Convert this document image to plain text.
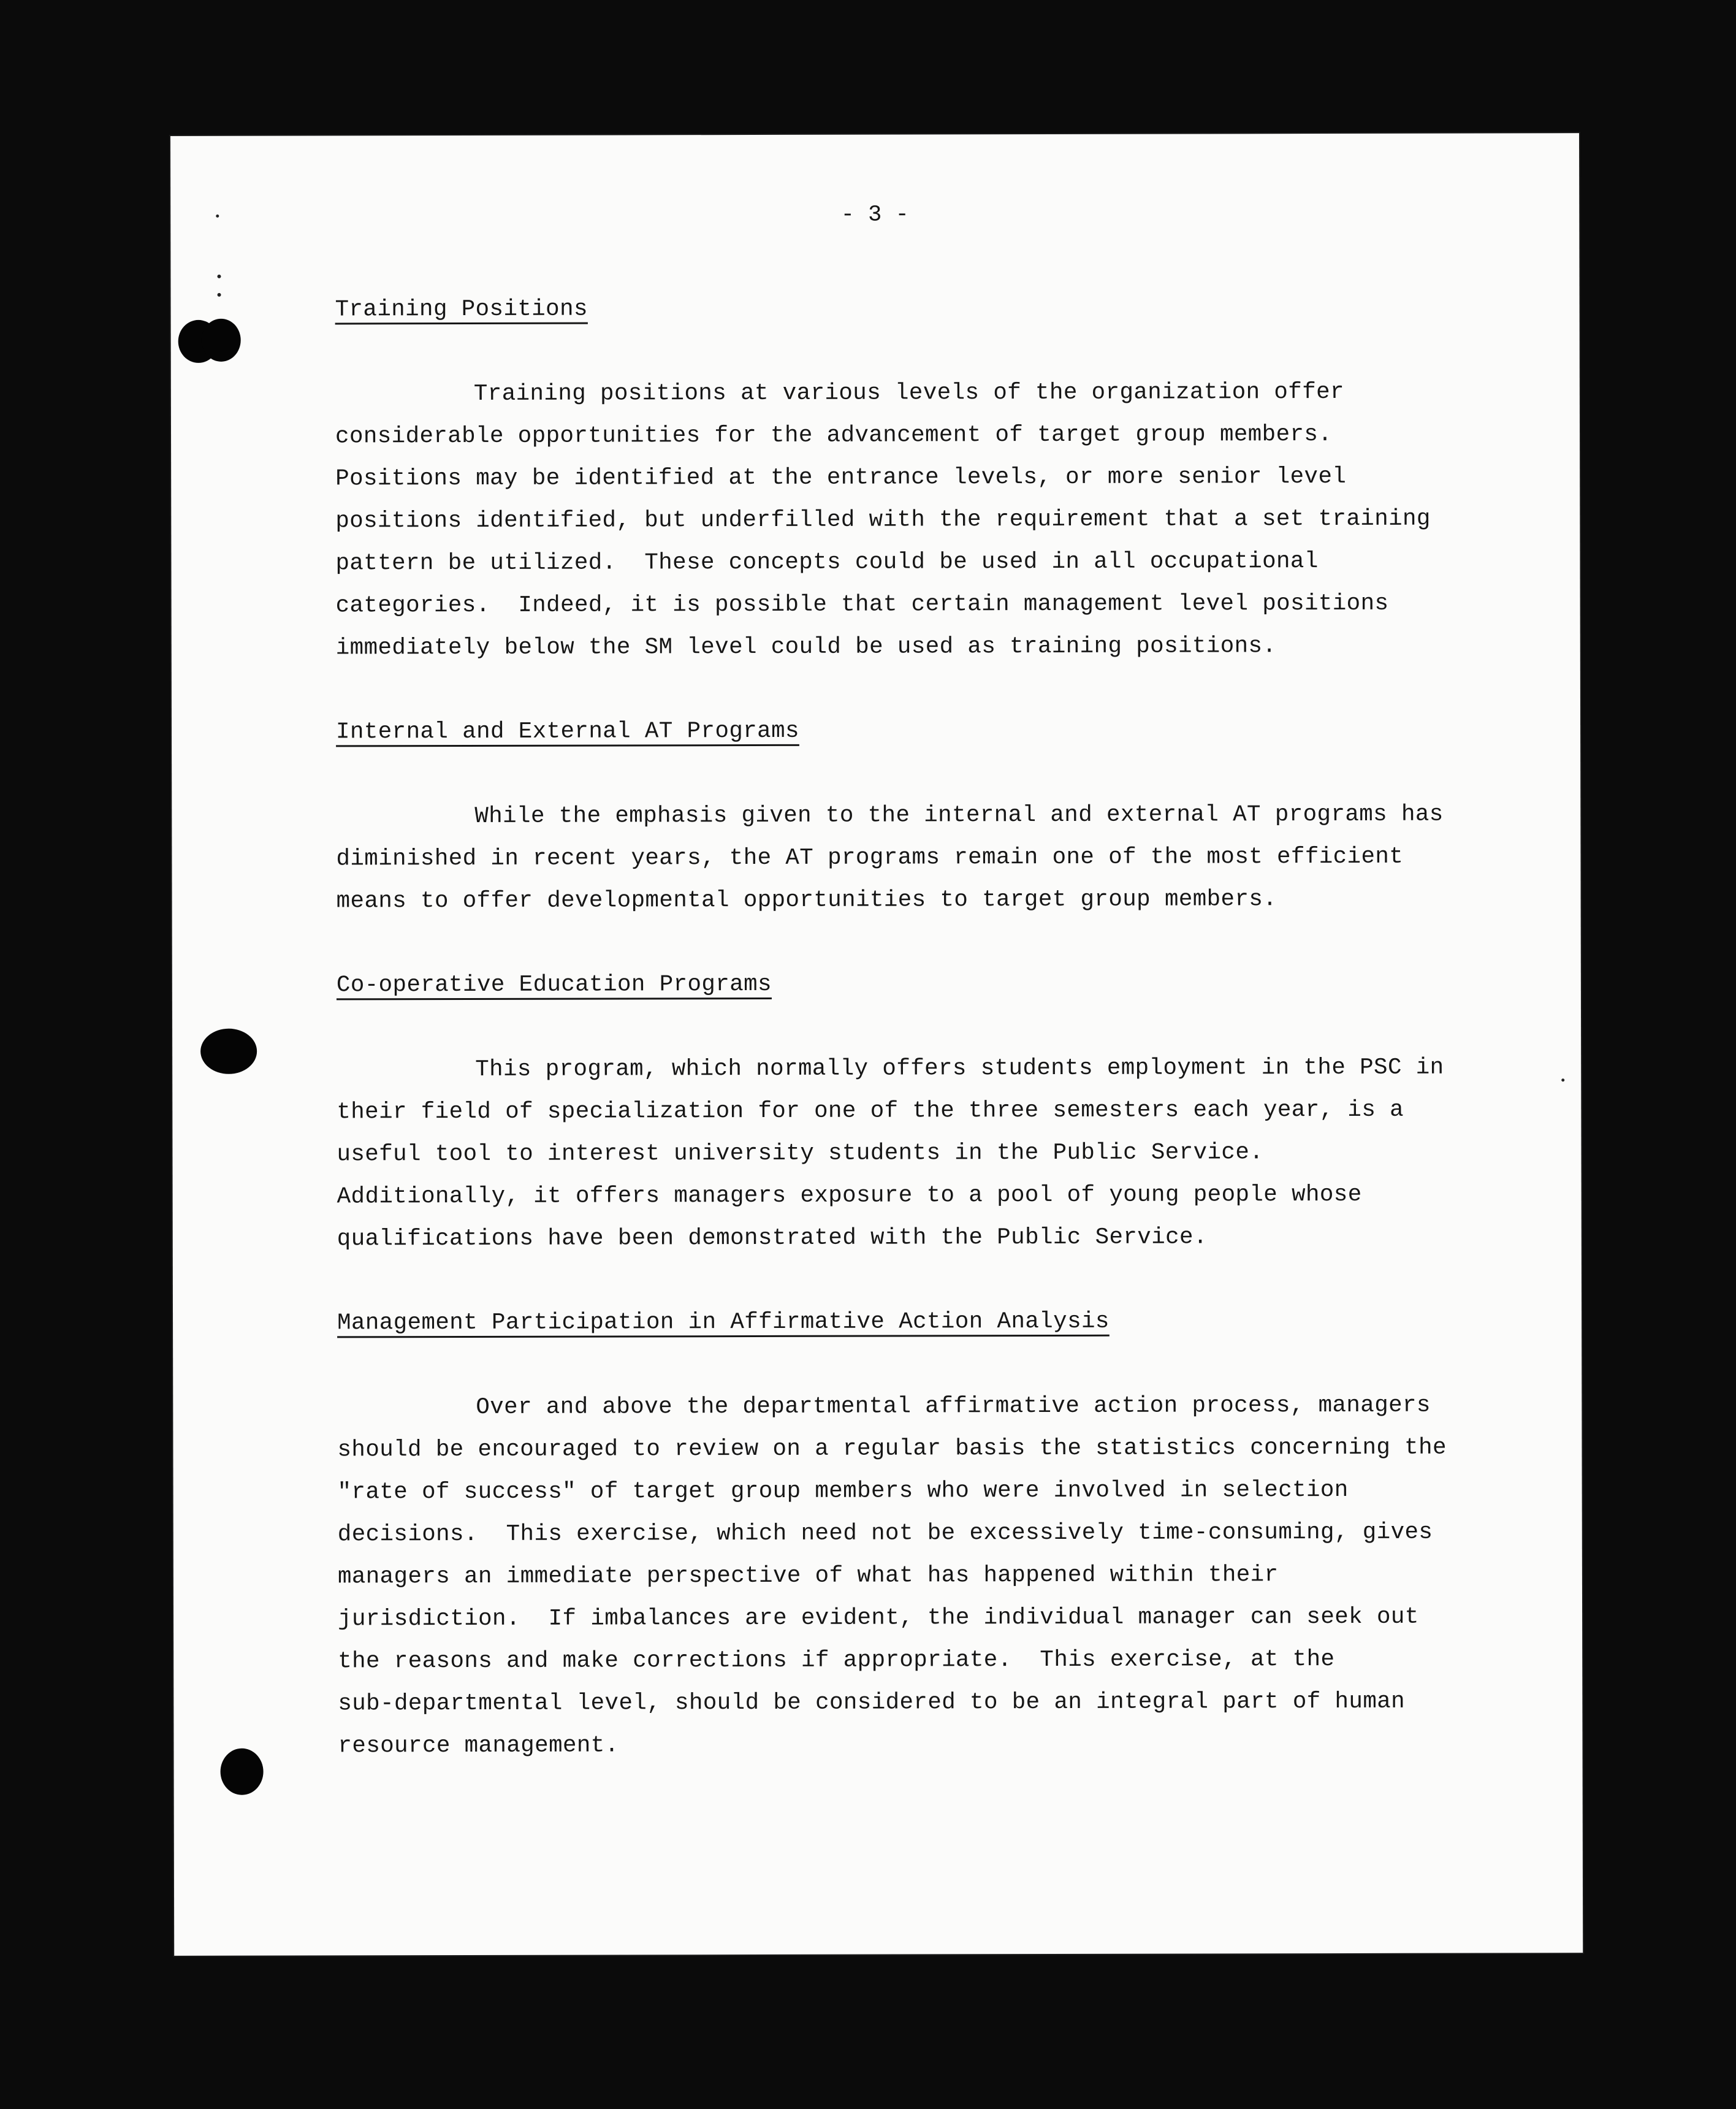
- 3 -

Training Positions

Training positions at various levels of the organization offer
considerable opportunities for the advancement of target group members.
Positions may be identified at the entrance levels, or more senior level
positions identified, but underfilled with the requirement that a set training
pattern be utilized.  These concepts could be used in all occupational
categories.  Indeed, it is possible that certain management level positions
immediately below the SM level could be used as training positions.

Internal and External AT Programs

While the emphasis given to the internal and external AT programs has
diminished in recent years, the AT programs remain one of the most efficient
means to offer developmental opportunities to target group members.

Co-operative Education Programs

This program, which normally offers students employment in the PSC in
their field of specialization for one of the three semesters each year, is a
useful tool to interest university students in the Public Service.
Additionally, it offers managers exposure to a pool of young people whose
qualifications have been demonstrated with the Public Service.

Management Participation in Affirmative Action Analysis

Over and above the departmental affirmative action process, managers
should be encouraged to review on a regular basis the statistics concerning the
"rate of success" of target group members who were involved in selection
decisions.  This exercise, which need not be excessively time-consuming, gives
managers an immediate perspective of what has happened within their
jurisdiction.  If imbalances are evident, the individual manager can seek out
the reasons and make corrections if appropriate.  This exercise, at the
sub-departmental level, should be considered to be an integral part of human
resource management.
